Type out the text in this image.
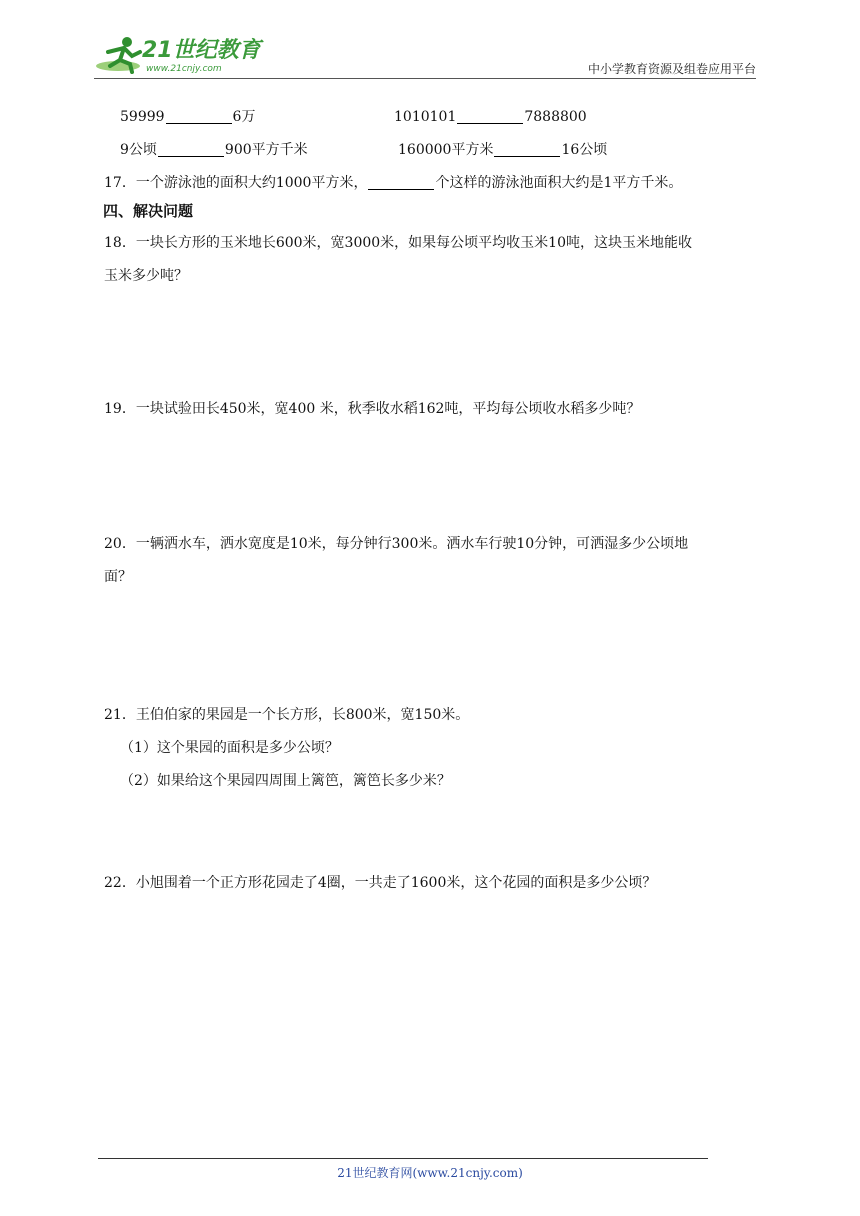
21世纪教育
www.21cnjy.com	中小学教育资源及组卷应用平台
59999	6万	1010101	7888800
9公顷	900平方千米	160000平方米	16公顷
17．一个游泳池的面积大约1000平方米，	个这样的游泳池面积大约是1平方千米。
四、解决问题
18．一块长方形的玉米地长600米，宽3000米，如果每公顷平均收玉米10吨，这块玉米地能收
玉米多少吨？
19．一块试验田长450米，宽400 米，秋季收水稻162吨，平均每公顷收水稻多少吨？
20．一辆洒水车，洒水宽度是10米，每分钟行300米。洒水车行驶10分钟，可洒湿多少公顷地
面？
21．王伯伯家的果园是一个长方形，长800米，宽150米。
（1）这个果园的面积是多少公顷？
（2）如果给这个果园四周围上篱笆，篱笆长多少米？
22．小旭围着一个正方形花园走了4圈，一共走了1600米，这个花园的面积是多少公顷？
21世纪教育网(www.21cnjy.com)
